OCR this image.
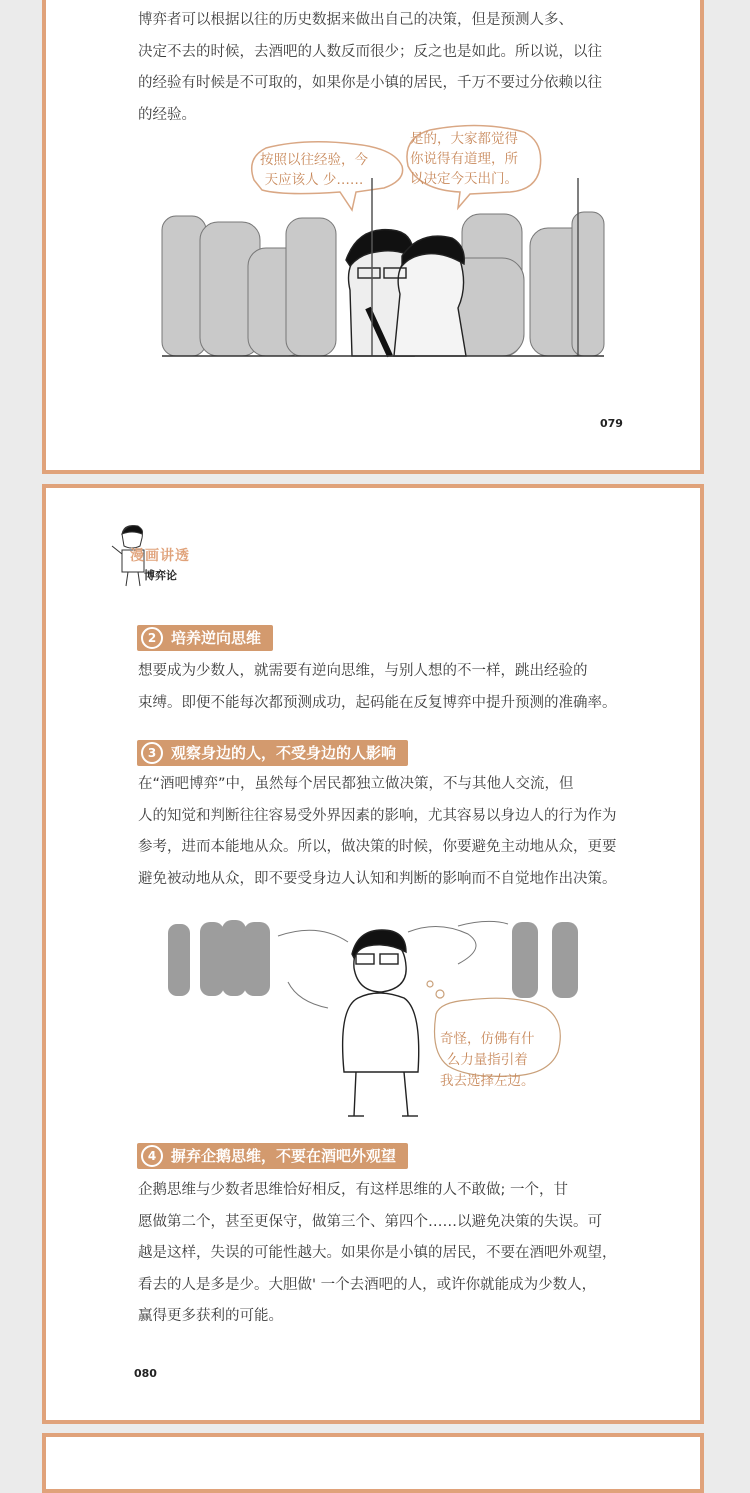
博弈者可以根据以往的历史数据来做出自己的决策，但是预测人多、
决定不去的时候，去酒吧的人数反而很少；反之也是如此。所以说，以往
的经验有时候是不可取的，如果你是小镇的居民，千万不要过分依赖以往
的经验。

按照以往经验，今
天应该人 少……
是的，大家都觉得
你说得有道理，所
以决定今天出门。
079
漫画讲透
博弈论
2 培养逆向思维

想要成为少数人，就需要有逆向思维，与别人想的不一样，跳出经验的
束缚。即便不能每次都预测成功，起码能在反复博弈中提升预测的准确率。

3 观察身边的人，不受身边的人影响

在“酒吧博弈”中，虽然每个居民都独立做决策，不与其他人交流，但
人的知觉和判断往往容易受外界因素的影响，尤其容易以身边人的行为作为
参考，进而本能地从众。所以，做决策的时候，你要避免主动地从众，更要
避免被动地从众，即不要受身边人认知和判断的影响而不自觉地作出决策。

奇怪，仿佛有什
么力量指引着
我去选择左边。
4 摒弃企鹅思维，不要在酒吧外观望

企鹅思维与少数者思维恰好相反，有这样思维的人不敢做; 一个，甘
愿做第二个，甚至更保守，做第三个、第四个……以避免决策的失误。可
越是这样，失误的可能性越大。如果你是小镇的居民，不要在酒吧外观望，
看去的人是多是少。大胆做' 一个去酒吧的人，或许你就能成为少数人，
赢得更多获利的可能。

080
